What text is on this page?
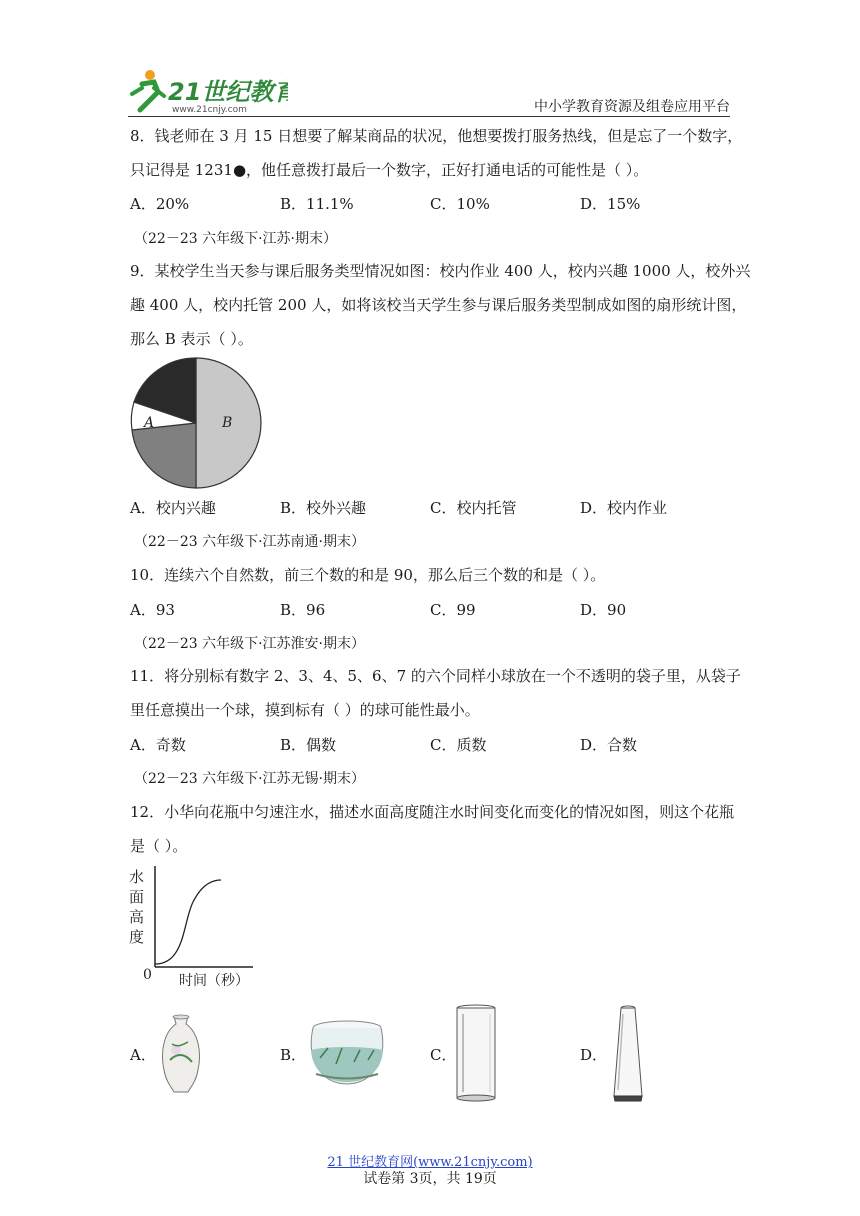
21世纪教育
www.21cnjy.com	中小学教育资源及组卷应用平台
8．钱老师在 3 月 15 日想要了解某商品的状况，他想要拨打服务热线，但是忘了一个数字，
只记得是 1231●，他任意拨打最后一个数字，正好打通电话的可能性是（ ）。
A．20%	B．11.1%	C．10%	D．15%
（22－23 六年级下·江苏·期末）
9．某校学生当天参与课后服务类型情况如图：校内作业 400 人，校内兴趣 1000 人，校外兴
趣 400 人，校内托管 200 人，如将该校当天学生参与课后服务类型制成如图的扇形统计图，
那么 B 表示（ ）。
A	B
A．校内兴趣	B．校外兴趣	C．校内托管	D．校内作业
（22－23 六年级下·江苏南通·期末）
10．连续六个自然数，前三个数的和是 90，那么后三个数的和是（ ）。
A．93	B．96	C．99	D．90
（22－23 六年级下·江苏淮安·期末）
11．将分别标有数字 2、3、4、5、6、7 的六个同样小球放在一个不透明的袋子里，从袋子
里任意摸出一个球，摸到标有（ ）的球可能性最小。
A．奇数	B．偶数	C．质数	D．合数
（22－23 六年级下·江苏无锡·期末）
12．小华向花瓶中匀速注水，描述水面高度随注水时间变化而变化的情况如图，则这个花瓶
是（ ）。
水
面
高
度
0 时间（秒）
A．	B．	C．	D．
21 世纪教育网(www.21cnjy.com)
试卷第 3页，共 19页
